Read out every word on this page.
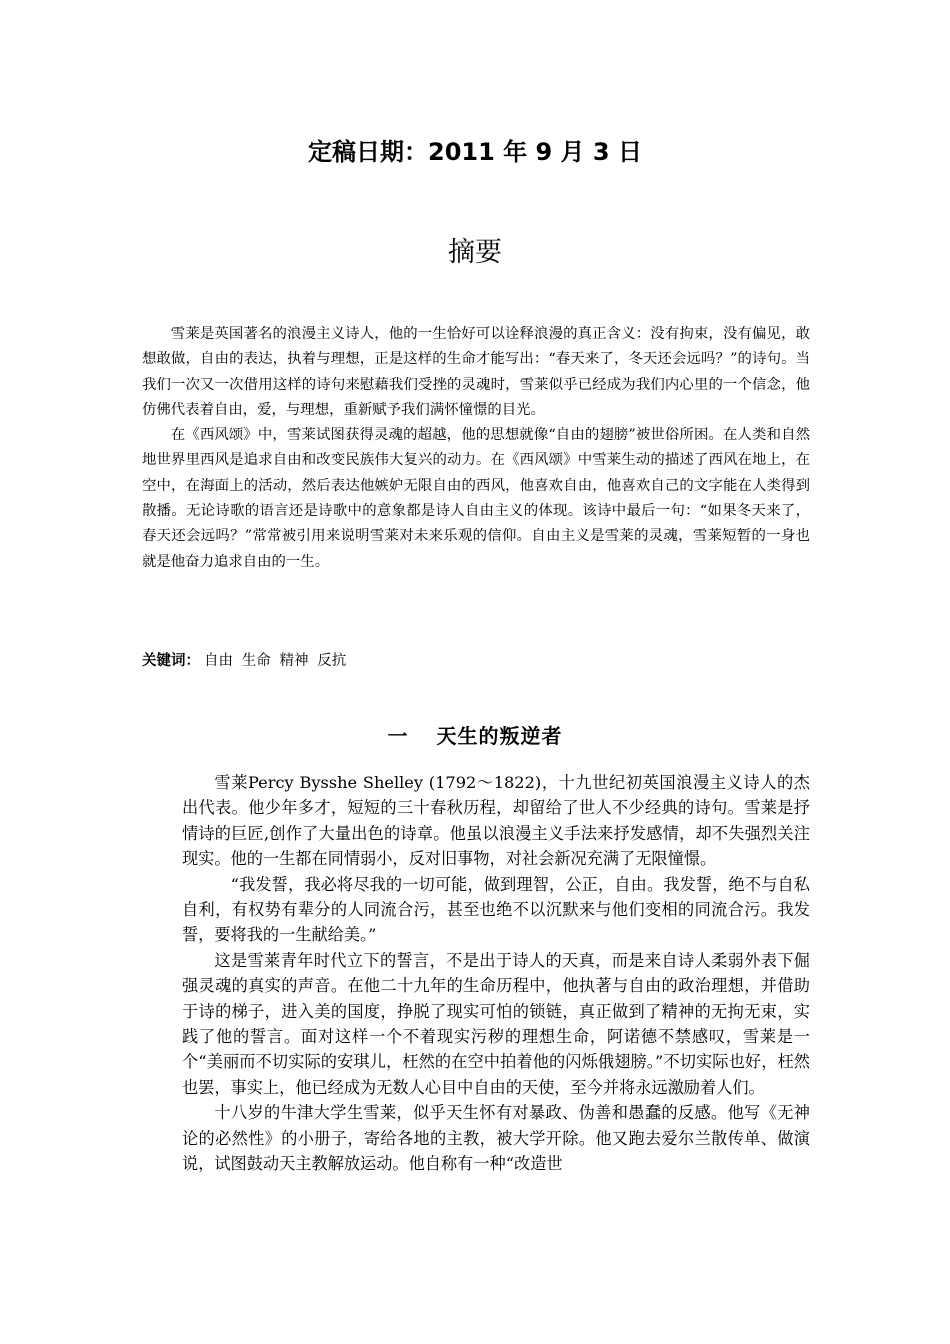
定稿日期：2011 年 9 月 3 日
摘要

雪莱是英国著名的浪漫主义诗人，他的一生恰好可以诠释浪漫的真正含义：没有拘束，没有偏见，敢想敢做，自由的表达，执着与理想，正是这样的生命才能写出：“春天来了，冬天还会远吗？”的诗句。当我们一次又一次借用这样的诗句来慰藉我们受挫的灵魂时，雪莱似乎已经成为我们内心里的一个信念，他仿佛代表着自由，爱，与理想，重新赋予我们满怀憧憬的目光。

在《西风颂》中，雪莱试图获得灵魂的超越，他的思想就像“自由的翅膀”被世俗所困。在人类和自然地世界里西风是追求自由和改变民族伟大复兴的动力。在《西风颂》中雪莱生动的描述了西风在地上，在空中，在海面上的活动，然后表达他嫉妒无限自由的西风，他喜欢自由，他喜欢自己的文字能在人类得到散播。无论诗歌的语言还是诗歌中的意象都是诗人自由主义的体现。该诗中最后一句：“如果冬天来了，春天还会远吗？”常常被引用来说明雪莱对未来乐观的信仰。自由主义是雪莱的灵魂，雪莱短暂的一身也就是他奋力追求自由的一生。

关键词： 自由 生命 精神 反抗
一 天生的叛逆者

雪莱Percy Bysshe Shelley (1792～1822)，十九世纪初英国浪漫主义诗人的杰出代表。他少年多才，短短的三十春秋历程，却留给了世人不少经典的诗句。雪莱是抒情诗的巨匠,创作了大量出色的诗章。他虽以浪漫主义手法来抒发感情，却不失强烈关注现实。他的一生都在同情弱小，反对旧事物，对社会新况充满了无限憧憬。

“我发誓，我必将尽我的一切可能，做到理智，公正，自由。我发誓，绝不与自私自利，有权势有辈分的人同流合污，甚至也绝不以沉默来与他们变相的同流合污。我发誓，要将我的一生献给美。”

这是雪莱青年时代立下的誓言，不是出于诗人的天真，而是来自诗人柔弱外表下倔强灵魂的真实的声音。在他二十九年的生命历程中，他执著与自由的政治理想，并借助于诗的梯子，进入美的国度，挣脱了现实可怕的锁链，真正做到了精神的无拘无束，实践了他的誓言。面对这样一个不着现实污秽的理想生命，阿诺德不禁感叹，雪莱是一个“美丽而不切实际的安琪儿，枉然的在空中拍着他的闪烁俄翅膀。”不切实际也好，枉然也罢，事实上，他已经成为无数人心目中自由的天使，至今并将永远激励着人们。

十八岁的牛津大学生雪莱，似乎天生怀有对暴政、伪善和愚蠢的反感。他写《无神论的必然性》的小册子，寄给各地的主教，被大学开除。他又跑去爱尔兰散传单、做演说，试图鼓动天主教解放运动。他自称有一种“改造世
